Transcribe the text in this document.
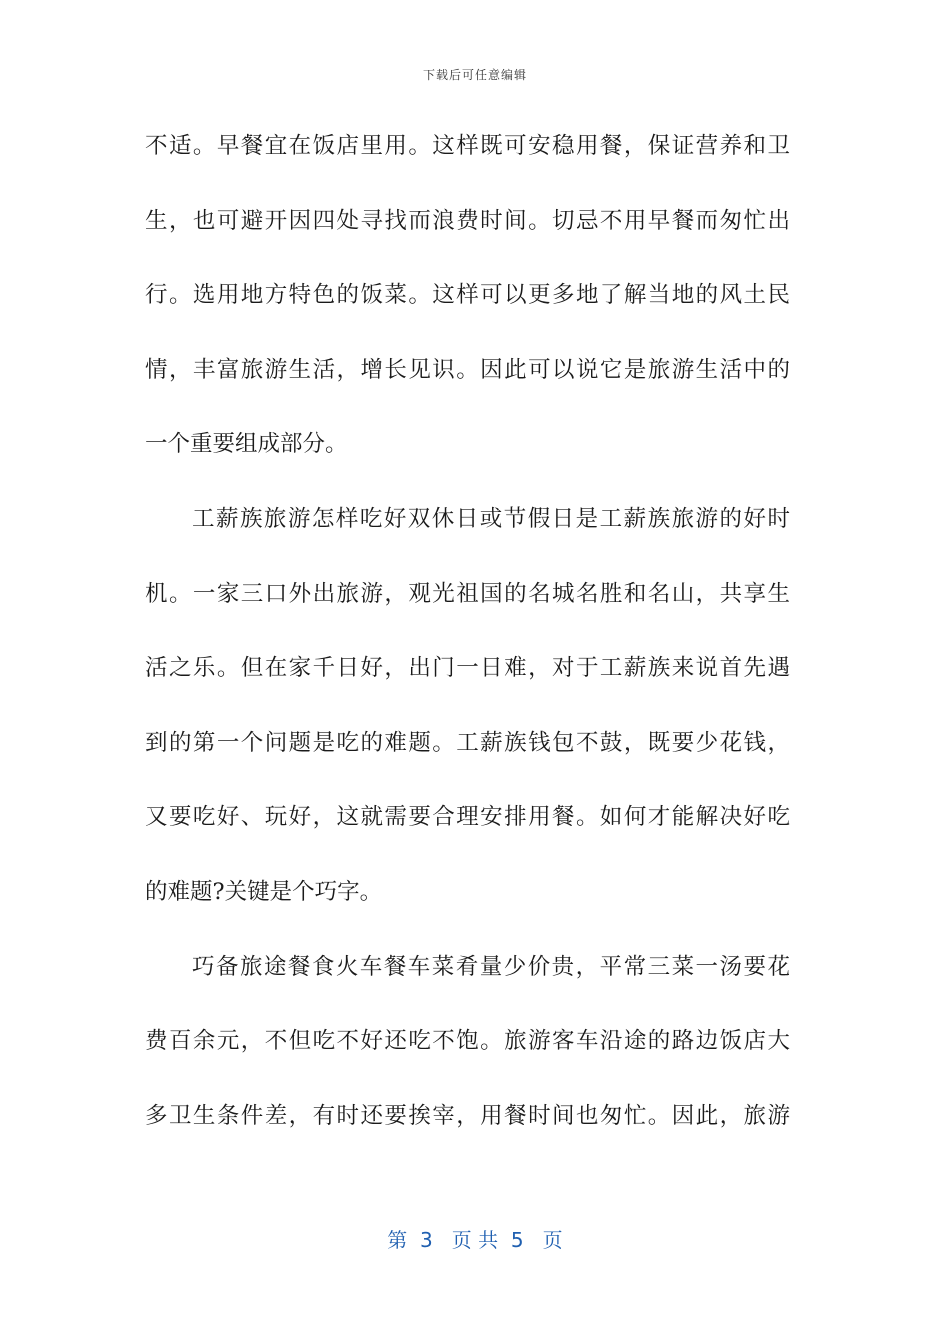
下载后可任意编辑
不适。早餐宜在饭店里用。这样既可安稳用餐，保证营养和卫
生，也可避开因四处寻找而浪费时间。切忌不用早餐而匆忙出
行。选用地方特色的饭菜。这样可以更多地了解当地的风土民
情，丰富旅游生活，增长见识。因此可以说它是旅游生活中的
一个重要组成部分。
工薪族旅游怎样吃好双休日或节假日是工薪族旅游的好时
机。一家三口外出旅游，观光祖国的名城名胜和名山，共享生
活之乐。但在家千日好，出门一日难，对于工薪族来说首先遇
到的第一个问题是吃的难题。工薪族钱包不鼓，既要少花钱，
又要吃好、玩好，这就需要合理安排用餐。如何才能解决好吃
的难题?关键是个巧字。
巧备旅途餐食火车餐车菜肴量少价贵，平常三菜一汤要花
费百余元，不但吃不好还吃不饱。旅游客车沿途的路边饭店大
多卫生条件差，有时还要挨宰，用餐时间也匆忙。因此，旅游
第  3   页 共  5   页
